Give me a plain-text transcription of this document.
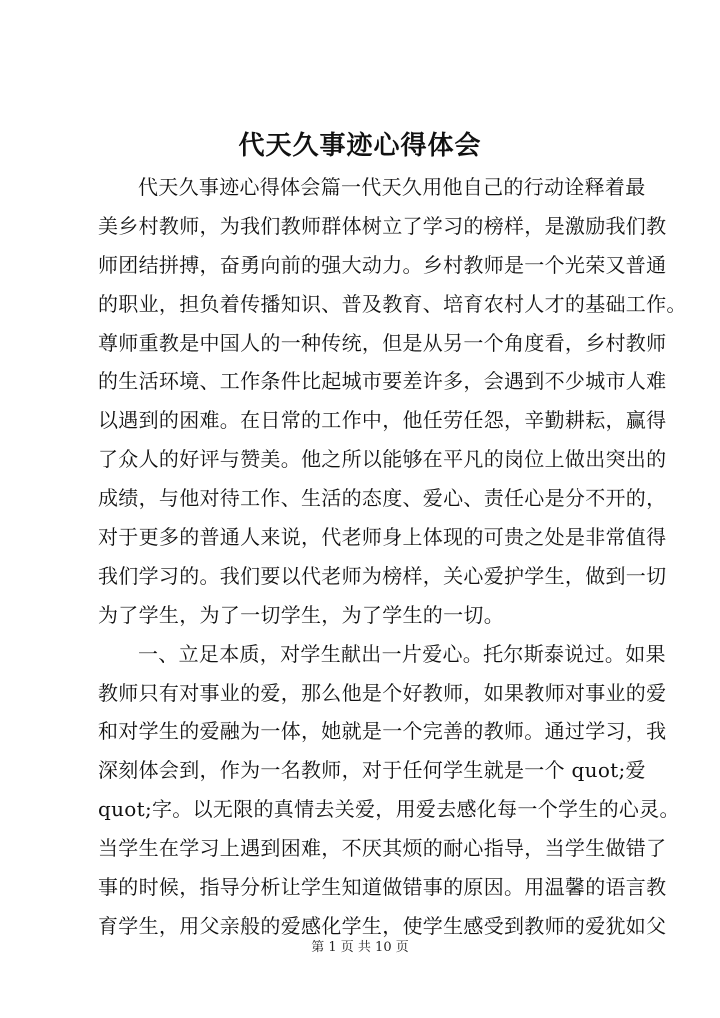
代天久事迹心得体会
代天久事迹心得体会篇一代天久用他自己的行动诠释着最
美乡村教师，为我们教师群体树立了学习的榜样，是激励我们教
师团结拼搏，奋勇向前的强大动力。乡村教师是一个光荣又普通
的职业，担负着传播知识、普及教育、培育农村人才的基础工作。
尊师重教是中国人的一种传统，但是从另一个角度看，乡村教师
的生活环境、工作条件比起城市要差许多，会遇到不少城市人难
以遇到的困难。在日常的工作中，他任劳任怨，辛勤耕耘，赢得
了众人的好评与赞美。他之所以能够在平凡的岗位上做出突出的
成绩，与他对待工作、生活的态度、爱心、责任心是分不开的，
对于更多的普通人来说，代老师身上体现的可贵之处是非常值得
我们学习的。我们要以代老师为榜样，关心爱护学生，做到一切
为了学生，为了一切学生，为了学生的一切。
一、立足本质，对学生献出一片爱心。托尔斯泰说过。如果
教师只有对事业的爱，那么他是个好教师，如果教师对事业的爱
和对学生的爱融为一体，她就是一个完善的教师。通过学习，我
深刻体会到，作为一名教师，对于任何学生就是一个 quot;爱
quot;字。以无限的真情去关爱，用爱去感化每一个学生的心灵。
当学生在学习上遇到困难，不厌其烦的耐心指导，当学生做错了
事的时候，指导分析让学生知道做错事的原因。用温馨的语言教
育学生，用父亲般的爱感化学生，使学生感受到教师的爱犹如父
第 1 页 共 10 页
